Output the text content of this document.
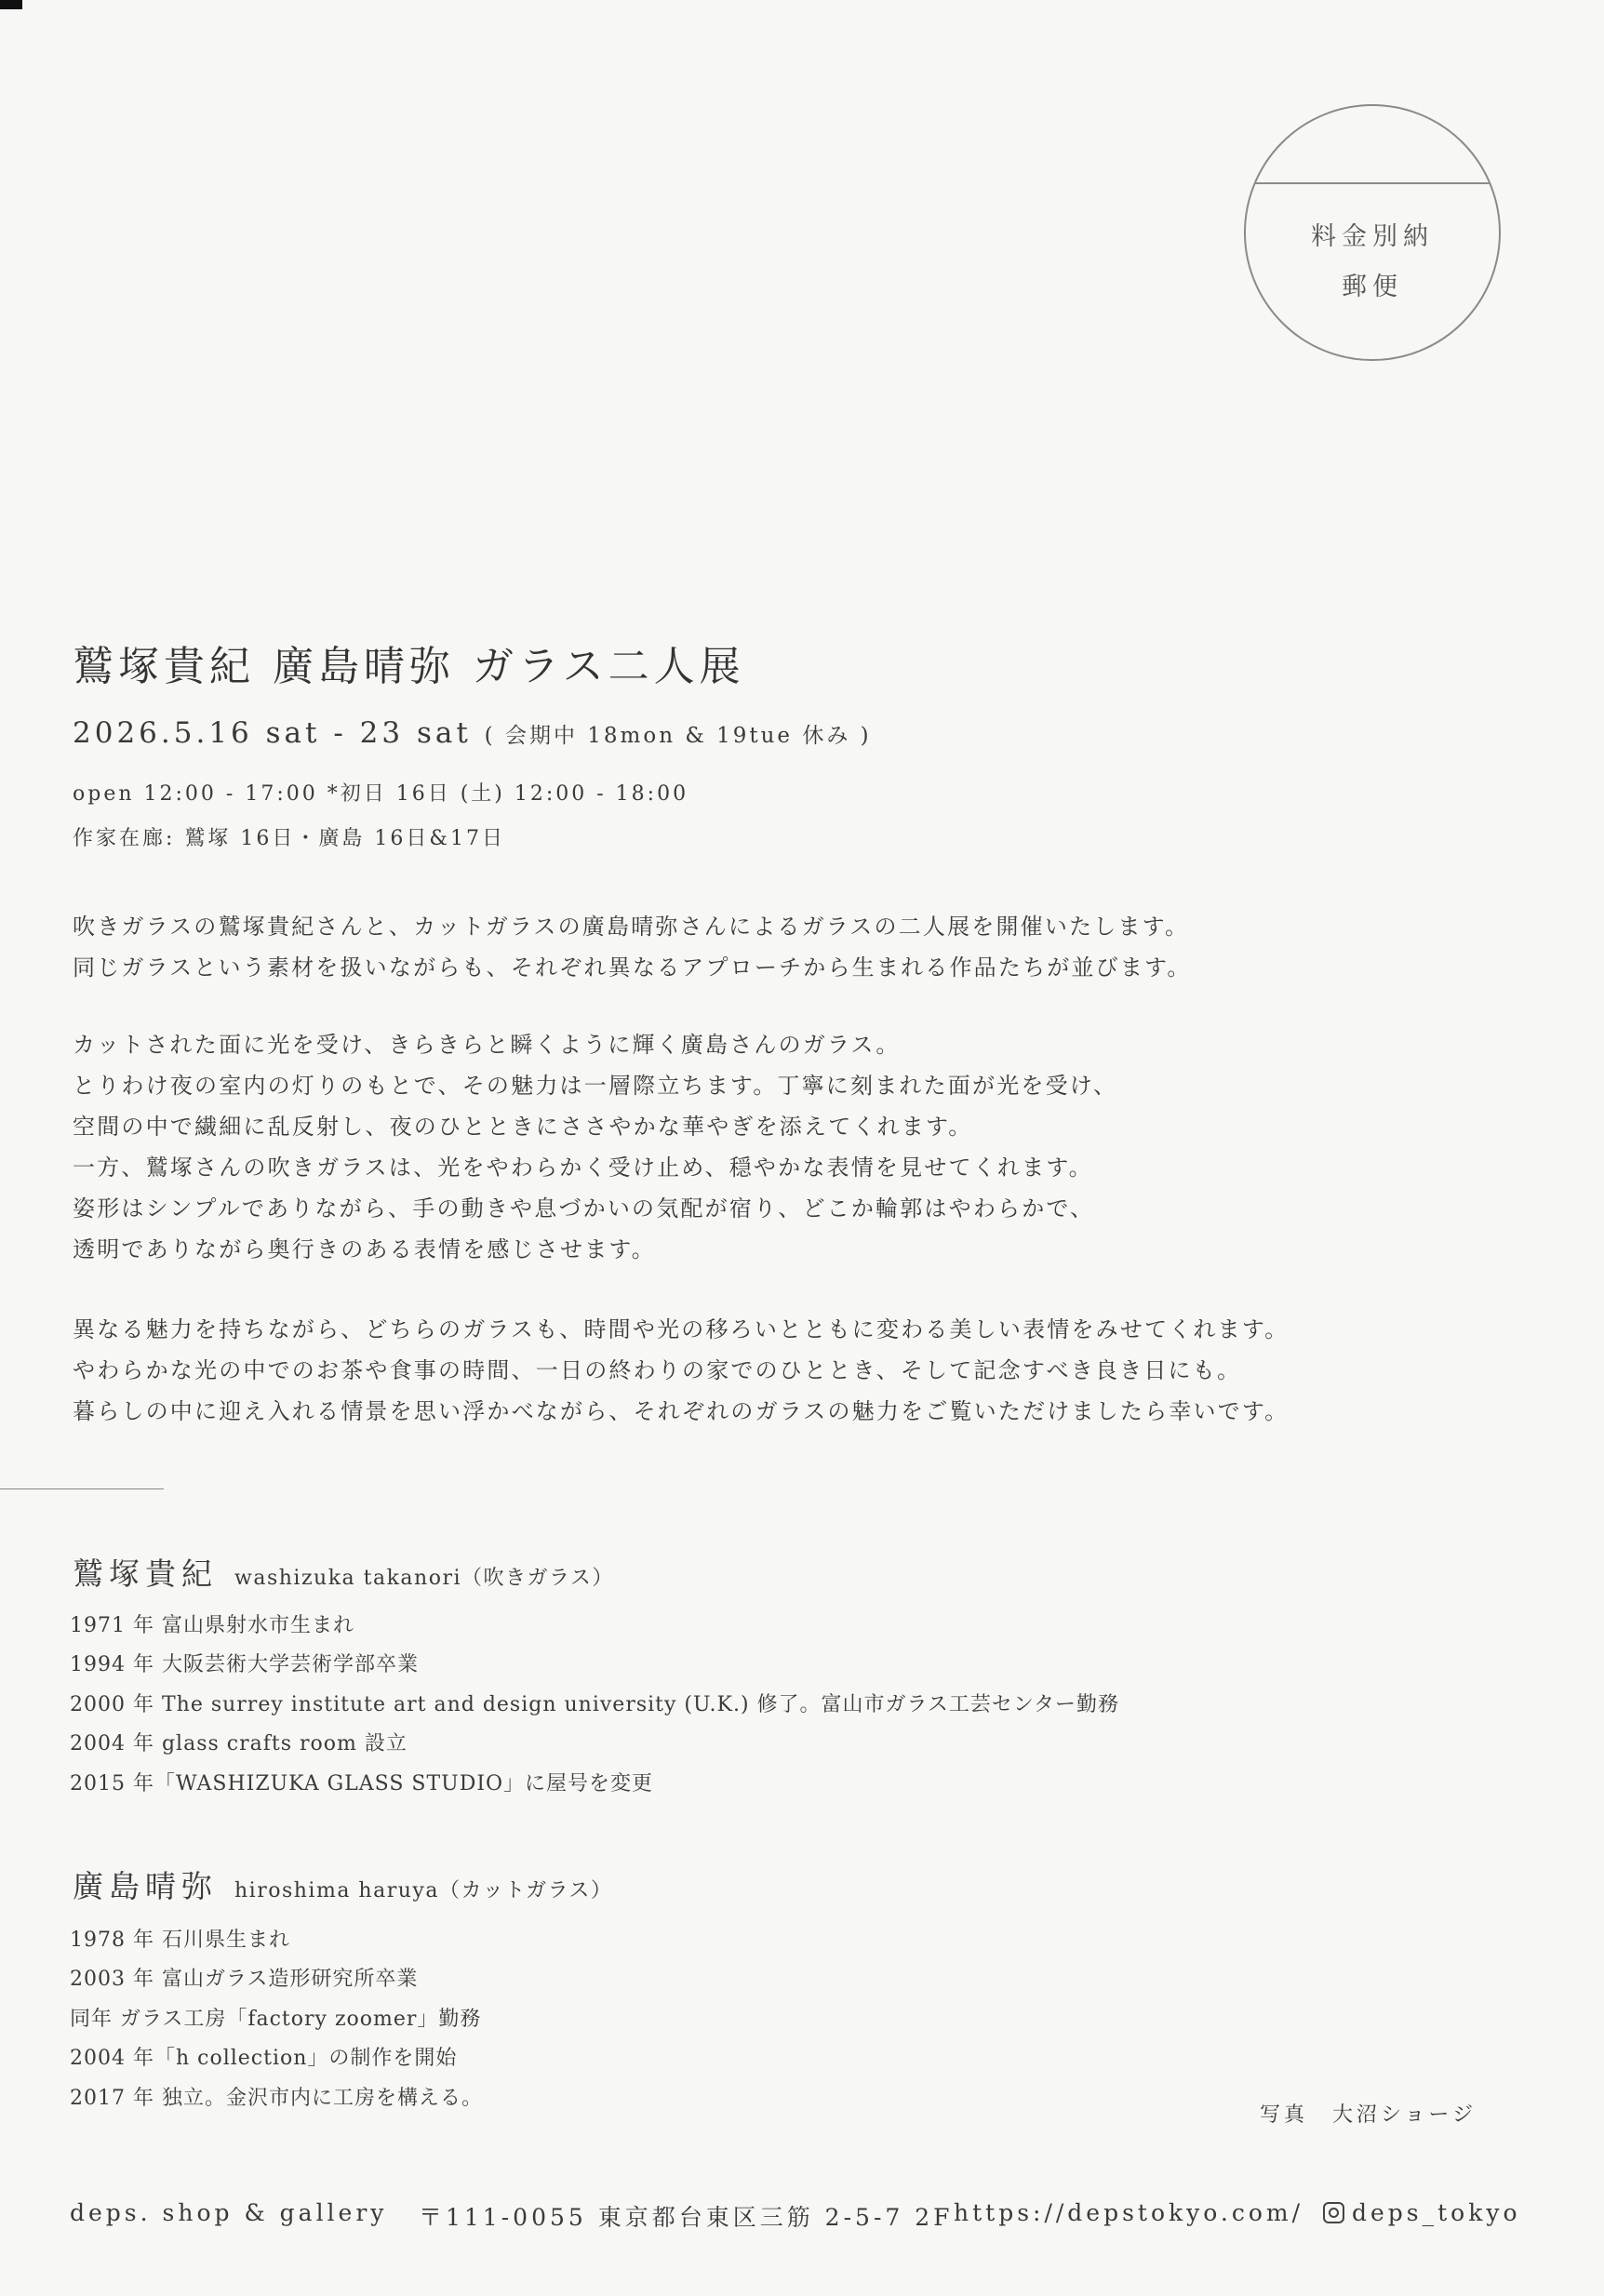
料金別納
郵便
鷲塚貴紀 廣島晴弥 ガラス二人展
2026.5.16 sat - 23 sat ( 会期中 18mon & 19tue 休み )
open 12:00 - 17:00 *初日 16日 (土) 12:00 - 18:00
作家在廊: 鷲塚 16日・廣島 16日&17日
吹きガラスの鷲塚貴紀さんと、カットガラスの廣島晴弥さんによるガラスの二人展を開催いたします。
同じガラスという素材を扱いながらも、それぞれ異なるアプローチから生まれる作品たちが並びます。
カットされた面に光を受け、きらきらと瞬くように輝く廣島さんのガラス。
とりわけ夜の室内の灯りのもとで、その魅力は一層際立ちます。丁寧に刻まれた面が光を受け、
空間の中で繊細に乱反射し、夜のひとときにささやかな華やぎを添えてくれます。
一方、鷲塚さんの吹きガラスは、光をやわらかく受け止め、穏やかな表情を見せてくれます。
姿形はシンプルでありながら、手の動きや息づかいの気配が宿り、どこか輪郭はやわらかで、
透明でありながら奥行きのある表情を感じさせます。
異なる魅力を持ちながら、どちらのガラスも、時間や光の移ろいとともに変わる美しい表情をみせてくれます。
やわらかな光の中でのお茶や食事の時間、一日の終わりの家でのひととき、そして記念すべき良き日にも。
暮らしの中に迎え入れる情景を思い浮かべながら、それぞれのガラスの魅力をご覧いただけましたら幸いです。
鷲塚貴紀 washizuka takanori（吹きガラス）
1971 年 富山県射水市生まれ
1994 年 大阪芸術大学芸術学部卒業
2000 年 The surrey institute art and design university (U.K.) 修了。富山市ガラス工芸センター勤務
2004 年 glass crafts room 設立
2015 年「WASHIZUKA GLASS STUDIO」に屋号を変更
廣島晴弥 hiroshima haruya（カットガラス）
1978 年 石川県生まれ
2003 年 富山ガラス造形研究所卒業
同年 ガラス工房「factory zoomer」勤務
2004 年「h collection」の制作を開始
2017 年 独立。金沢市内に工房を構える。
写真　大沼ショージ
deps. shop & gallery 〒111-0055 東京都台東区三筋 2-5-7 2F https://depstokyo.com/	deps_tokyo
